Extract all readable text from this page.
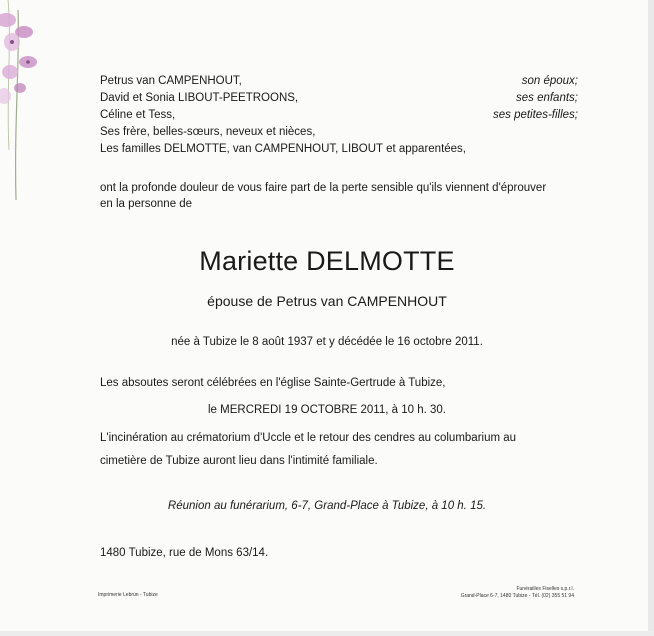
Petrus van CAMPENHOUT,	son époux;
David et Sonia LIBOUT-PEETROONS,	ses enfants;
Céline et Tess,	ses petites-filles;
Ses frère, belles-sœurs, neveux et nièces,
Les familles DELMOTTE, van CAMPENHOUT, LIBOUT et apparentées,
ont la profonde douleur de vous faire part de la perte sensible qu'ils viennent d'éprouver
en la personne de
Mariette DELMOTTE
épouse de Petrus van CAMPENHOUT
née à Tubize le 8 août 1937 et y décédée le 16 octobre 2011.
Les absoutes seront célébrées en l'église Sainte-Gertrude à Tubize,
le MERCREDI 19 OCTOBRE 2011, à 10 h. 30.
L'incinération au crématorium d'Uccle et le retour des cendres au columbarium au
cimetière de Tubize auront lieu dans l'intimité familiale.
Réunion au funérarium, 6-7, Grand-Place à Tubize, à 10 h. 15.
1480 Tubize, rue de Mons 63/14.
Imprimerie Lebrun - Tubize
Funérailles Fiselles s.p.r.l.
Grand-Place 6-7, 1480 Tubize - Tél. (02) 355 51 94
